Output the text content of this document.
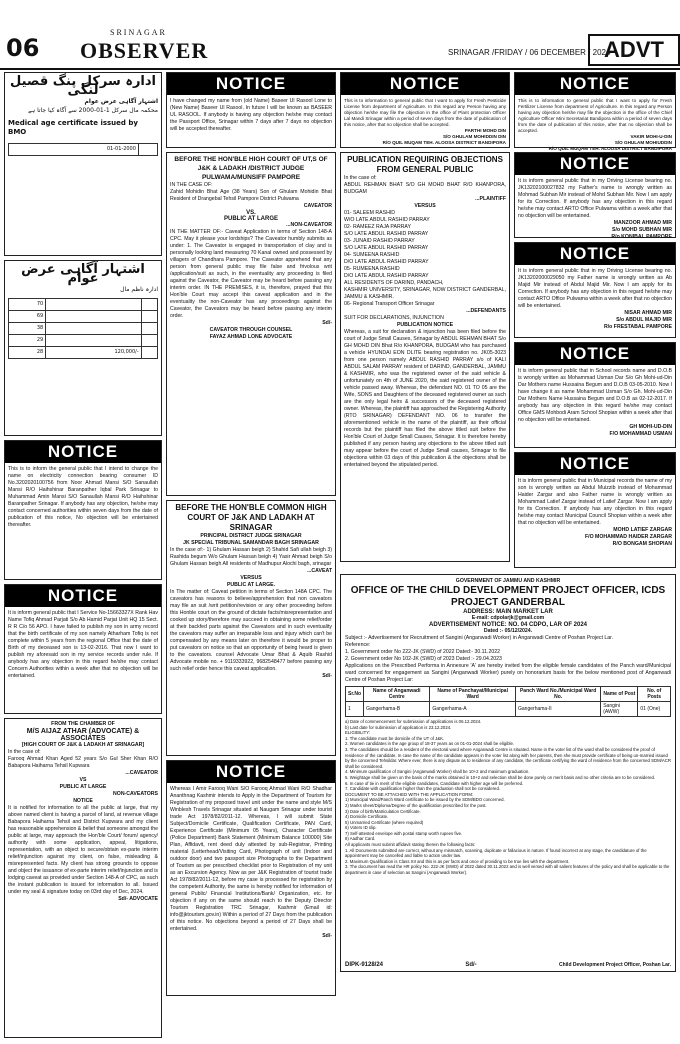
06
SRINAGAR
OBSERVER	SRINAGAR /FRIDAY / 06 DECEMBER / 2024
ADVT
ادارہ سرکل پنگ قصیل لنگی
اشتہار آگاہی عرض عوام
محکمہ مال سرکل 1-01-2000 سے آگاہ کیا جاتا ہے
Medical age certificate issued by BMO
01-01-2000	
اشتہار آگاہی عرض عوام
ادارہ ناظم مال
70		
69		
38		
29		
28	120,000/-	
NOTICE
This is to inform the general public that I intend to change the name on electricity connection bearing consumer ID No.3202020100756 from Noor Ahmad Mansi S/O Sanaullah Mansi R/O Haihshinar Baranpather Iqbal Park Srinagar to Muhammad Amin Mansi S/O Sanaullah Mansi R/O Haihshinar Baranpather Srinagar. If anybody has any objection, he/she may contact concerned authorities within seven days from the date of publication of this notice, No objection will be entertained thereafter.
NOTICE
It is inform general public that I Service No-15663327X Rank Hav Name Tofiq Ahmad Parjati S/o Ab Hamid Parjat Unit HQ 15 Sect. R R C/o 56 APO. I have failed to publish my son in army record that the birth certificate of my son namely Atharham Tofiq is not complete within 5 years from the regional Office that the date of Birth of my deceased son is 13-02-2016. That now I want to publish my aforesaid son in my service records under rule. If anybody has any objection in this regard he/she may contact Concern Authorities within a week after that no objection will be entertained.
FROM THE CHAMBER OF
M/S AIJAZ ATHAR (ADVOCATE) & ASSOCIATES
[HIGH COURT OF J&K & LADAKH AT SRINAGAR]
In the case of:
Farooq Ahmad Khan Aged 52 years S/o Gul Sher Khan R/O Babapora Haiharna Tehsil Kupwara
...CAVEATOR
VS
PUBLIC AT LARGE
NON-CAVEATORS
NOTICE
It is notified for information to all the public at large, that my above named client is having a parcel of land, at revenue village Babapora Haiharna Tehsil and District Kupwara and my client has reasonable apprehension & belief that someone amongst the public at large, may approach the Hon'ble Court/ forum/ agency/ authority with some application, appeal, litigations, representation, with an object to secure/obtain ex-parte interim relief/injunction against my client, on false, misleading & misrepresented facts. My client has strong grounds to oppose and object the issuance of ex-parte interim relief/injunction and is lodging caveat as provided under Section 148-A of CPC, as such the instant publication is issued for information to all. Issued under my seal & signature today on 03rd day of Dec, 2024.
Sd/- ADVOCATE
NOTICE
I have changed my name from (old Name) Baseer Ul Rasool Lone to (New Name) Baseer Ul Rasool. In future I will be known as BASEER UL RASOOL. If anybody is having any objection he/she may contact the Passport Office, Srinagar within 7 days after 7 days no objection will be accepted thereafter.
BEFORE THE HON'BLE HIGH COURT OF UT,S OF J&K & LADAKH /DISTRICT JUDGE PULWAMA/MUNSIFF PAMPORE
IN THE CASE OF:
Zahid Mohidin Bhat Age (38 Years) Son of Ghulam Mohidin Bhat Resident of Drangebal Tehsil Pampore District Pulwama
CAVEATOR
VS.
PUBLIC AT LARGE
...NON-CAVEATOR
IN THE MATTER OF:- Caveat Application in terms of Section 148-A CPC. May it please your lordships? The Caveator humbly submits as under: 1. The Caveator is engaged in transportation of clay and is personally looking land measuring 70 Kanal owned and possessed by villagers of Chandhara Pampore. The Caveator apprehend that any person from general public may file false and frivolous writ /application/suit as such, in the eventuality any proceeding is filed against the Caveator, the Caveator may be heard before passing any interim order. IN THE PREMISES, it is, therefore, prayed that this Hon'ble Court may accept this caveat application and in the eventuality the non-Caveator has any proceedings against the Caveator, the Caveators may be heard before passing any interim order.
Sd/-
CAVEATOR THROUGH COUNSEL
FAYAZ AHMAD LONE ADVOCATE
BEFORE THE HON'BLE COMMON HIGH COURT OF J&K AND LADAKH AT SRINAGAR
PRINCIPAL DISTRICT JUDGE SRINAGAR
JK SPECIAL TRIBUNAL SAMANDAR BAGH SRINAGAR
In the case of:- 1) Ghulam Hassan beigh 2) Shahid Safi ullah beigh 3) Rashida begum W/o Ghulam Hassan beigh 4) Yasir Ahmad beigh S/o Ghulam Hassan beigh All residents of Madhupur Alochi bagh, srinagar
...CAVEAT
VERSUS
PUBLIC AT LARGE.
In The matter of: Caveat petition in terms of Section 148A CPC. The caveators has reasons to believe/apprehension that non caveators may file an suit /writ petition/revision or any other proceeding before this Honble court on the ground of dictate facts/misrepresentation and cooked up story/therefore may succeed in obtaining some relief/order at their backfed parts against the Caveators and in such eventuality the caveators may suffer an irreparable loss and injury which can't be compensated by any means later on therefore it would be proper to put caveators on notice so that an opportunity of being heard is given to the caveators. counsel Advocate Umar Bhat & Aquib Rashid Advocate mobile no. + 9119333922, 9682548477 before passing any such relief order hence this caveat application.
Sd/-
NOTICE
Whereas I Amir Farooq Wani S/O Farooq Ahmad Wani R/O Shadhar Ananthnag Kashmir intends to Apply in the Department of Tourism for Registration of my proposed travel unit under the name and style M/S Winblesh Travels Srinagar situated at Naugam Srinagar under tourist trade Act 1978/82/2011-12. Whereas, I will submit State Subject/Domicile Certificate, Qualification Certificate, PAN Card, Experience Certificate (Minimum 05 Years), Character Certificate (Police Department) Bank Statement (Minimum Balance 100000) Site Plan, Affidavit, rent deed duly attested by sub-Registrar, Printing material (Letterhead/Visiting Card, Photograph of unit (Indoor and outdoor door) and two passport size Photographs to the Department of Tourism as per prescribed checklist prior to Registration of my unit as an Excursion Agency. Now as per J&K Registration of tourist trade Act 1978/82/2011-12, before my case is processed for registration by the competent Authority, the same is hereby notified for information of general Public/ Financial Institutions/Bank/ Organization, etc. for objection if any on the same should reach to the Deputy Director Tourism Registration TRC Srinagar, Kashmir (Email id: info@jktourism.gov.in) Within a period of 27 Days from the publication of this notice. No objections beyond a period of 27 Days shall be entertained.
Sd/-
NOTICE
This is to information to general public that I want to apply for Fresh Pesticide License from department of Agriculture. In this regard any Person having any objection he/she may file the objection in the office of Plant protection Officer Lal Mandi Srinagar within a period of seven days from the date of publication of this notice, after that no objection shall be accepted.
PARTHI MOHD DIN
S/O GHULAM MOHIDDIN DIN
R/O QUIL MUQAM TEH. ALOOSA DISTRICT BANDIPORA
PUBLICATION REQUIRING OBJECTIONS FROM GENERAL PUBLIC
In the case of:
ABDUL REHMAN BHAT S/O GH MOHD BHAT R/O KHANPORA, BUDGAM
...PLAINTIFF
VERSUS
01- SALEEM RASHID
W/O LATE ABDUL RASHID PARRAY
02- RAMEEZ RAJA PARRAY
S/O LATE ABDUL RASHID PARRAY
03- JUNAID RASHID PARRAY
S/O LATE ABDUL RASHID PARRAY
04- SUMEENA RASHID
D/O LATE ABDUL RASHID PARRAY
05- RUMEENA RASHID
D/O LATE ABDUL RASHID PARRAY
ALL RESIDENTS OF DARIND, PANDACH,
KASHMIR UNIVERSITY, SRINAGAR, NOW DISTRICT GANDERBAL, JAMMU & KASHMIR.
06- Regional Transport Officer Srinagar
...DEFENDANTS
SUIT FOR DECLARATIONS, INJUNCTION
PUBLICATION NOTICE
Whereas, a suit for declaration & injunction has been filed before the court of Judge Small Causes, Srinagar by ABDUL REHMAN BHAT S/o GH MOHD DIN Bhat R/o KHANPORA, BUDGAM who has purchased a vehicle HYUNDAI EON DLITE bearing registration no. JK05-3023 from one person namely ABDUL RASHID PARRAY s/o of KALI ABDUL SALAM PARRAY resident of DARIND, GANDERBAL, JAMMU & KASHMIR, who was the registered owner of the said vehicle & unfortunately on 4th of JUNE 2020, the said registered owner of the vehicle passed away. Whereas, the defendant NO. 01 TO 05 are the Wife, SONS and Daughters of the deceased registered owner as such are the only legal heirs & successors of the deceased registered owner. Whereas, the plaintiff has approached the Registering Authority (RTO SRINAGAR) DEFENDANT NO. 06 to transfer the aforementioned vehicle in the name of the plaintiff, as their official records but the plaintiff has filed the above titled suit before the Hon'ble Court of Judge Small Causes, Srinagar. It is therefore hereby published if any person having any objections to the above titled suit may appear before the court of Judge Small causes, Srinagar to file objections within 03 days of this publication & the objections shall be entertained beyond the stipulated period.
NOTICE
This is to information to general public that I want to apply for Fresh Fertilizer License from department of Agriculture. In this regard any Person having any objection he/she may file the objection in the office of the Chief Agriculture Officer Mini Secretariat Bandipora within a period of seven days from the date of publication of this notice, after that no objection shall be accepted.
VAKIR MOHI-U-DIN
S/O GHULAM MOHIUDDIN
R/O QUIL MUQAM TEH. ALOOSA DISTRICT BANDIPORA
NOTICE
It is inform general public that in my Driving License bearing no. JK13202100027832 my Father's name is wrongly written as Mohmad Subhan Mir instead of Mohd Subhan Mir. Now I am apply for its Correction. If anybody has any objection in this regard he/she may contact ARTO Office Pulwama within a week after that no objection will be entertained.
MANZOOR AHMAD MIR
S/o MOHD SUBHAN MIR
R/o KONIBAL PAMPORE
NOTICE
It is inform general public that in my Driving License bearing no. JK13202000029050 my Father name is wrongly written as Ab Majid Mir instead of Abdul Majid Mir. Now I am apply for its Correction. If anybody has any objection in this regard he/she may contact ARTO Office Pulwama within a week after that no objection will be entertained.
NISAR AHMAD MIR
S/o ABDUL MAJID MIR
R/o FRESTABAL PAMPORE
NOTICE
It is inform general public that in School records name and D.O.B is wrongly written as Mohammad Usman Dar S/o Gh Mohi-ud-Din Dar Mothers name Hussaina Begum and D.O.B 03-05-2010. Now I have change it as name Mohammad Usman S/o Gh. Mohi-ud-Din Dar Mothers Name Hussaina Begum and D.O.B as 02-12-2017. If anybody has any objection in this regard he/she may contact Office GMS Mohbodi Aram School Shopian within a week after that no objection will be entertained.
GH MOHI-UD-DIN
F/O MOHAMMAD USMAN
NOTICE
It is inform general public that in Municipal records the name of my son is wrongly written as Abdul Muizzib instead of Mohammad Haider Zargar and also Father name is wrongly written as Mohammad Latief Zargar instead of Latief Zargar. Now I am apply for its Correction. If anybody has any objection in this regard he/she may contact Municipal Council Shopian within a week after that no objection will be entertained.
MOHD LATIEF ZARGAR
F/O MOHAMMAD HAIDER ZARGAR
R/O BONGAM SHOPIAN
GOVERNMENT OF JAMMU AND KASHMIR
OFFICE OF THE CHILD DEVELOPMENT PROJECT OFFICER, ICDS PROJECT GANDERBAL
ADDRESS: MAIN MARKET LAR
E-mail: cdpolarjk@gmail.com
ADVERTISEMENT NOTICE: NO. 04 CDPO, LAR OF 2024
Dated :- 05/12/2024.
Subject :- Advertisement for Recruitment of Sangini (Anganwadi Worker) in Anganwadi Centre of Poshan Project Lar.
Reference:
1. Government order No 222-JK (SWD) of 2022 Dated:- 30.11.2022
2. Government order No 102-JK (SWD) of 2023 Dated :- 29.04.2023
Applications on the Prescribed Performa in Annexure 'A' are hereby invited from the eligible female candidates of the Panch ward/Municipal ward concerned for engagement as Sangini (Anganwadi Worker) purely on honorarium basis for the below mentioned post of Anganwadi Centre of Poshan Project Lar:
Sr.No	Name of Anganwadi Centre	Name of Panchayat/Municipal Ward	Panch Ward No./Municipal Ward No.	Name of Post	No. of Posts
1	Gangerhama-B	Gangerhama-A	Gangerhama-II	Sangini (AWW)	01 (One)
a) Date of commencement for submission of applications is 06.12.2024.
b) Last date for submission of application is 23.12.2024.
ELIGIBILITY:
1. The candidate must be domicile of the UT of J&K.
2. Women candidates in the age group of 18-37 years as on 01-01-2024 shall be eligible.
3. The candidates should be a resident of the electoral ward where Anganwadi Centre is situated. Name in the voter list of the ward shall be considered the proof of residence of the candidate. In case the name of the candidate appears in the voter list along with her parents, then she must provide certificate of being un-married issued by the concerned Tehsildar. Where ever, there is any dispute as to residence of any candidate, the certificate certifying the ward of residence from the concerned SDM/ACR shall be considered.
4. Minimum qualification of Sangini (Anganwadi Worker) shall be 10+2 and maximum graduation.
5. Weightage shall be given on the basis of the marks obtained in 10+2 and selection shall be done purely on merit basis and no other criteria are to be considered.
6. In case of tie in merit of the eligible candidates, Candidate with higher age will be preferred.
7. Candidate with qualification higher than the graduation shall not be considered.
DOCUMENT TO BE ATTACHED WITH THE APPLICATION FORM:
1) Municipal Ward/Panch Ward certificate to be issued by the SDM/BDO concerned.
2) Marks sheet/Diploma/Degree of the qualification prescribed for the post.
3) Date of birth/Matriculation Certificate.
4) Domicile Certificate.
5) Unmarried Certificate (where required)
6) Voters ID slip.
7) Self-attested envelope with postal stamp worth rupees five.
8) Aadhar Card.
All applicants must submit affidavit stating therein the following facts:
1. All Documents submitted are correct, without any mismatch, scanning, duplicate or fallacious in nature. If found incorrect at any stage, the candidature of the appointment may be cancelled and liable to action under law.
2. Maximum Qualification is Class XII and this is as per facts and once of providing to be true lies with the department.
3. The document has read the HR policy No. 222-JK (SWD) of 2022 dated 30.11.2022 and is well versed with all salient features of the policy and shall be applicable to the department in case of selection as Sangini (Anganwadi Worker).
DIPK-9128/24	Sd/-	Child Development Project Officer, Poshan Lar.
